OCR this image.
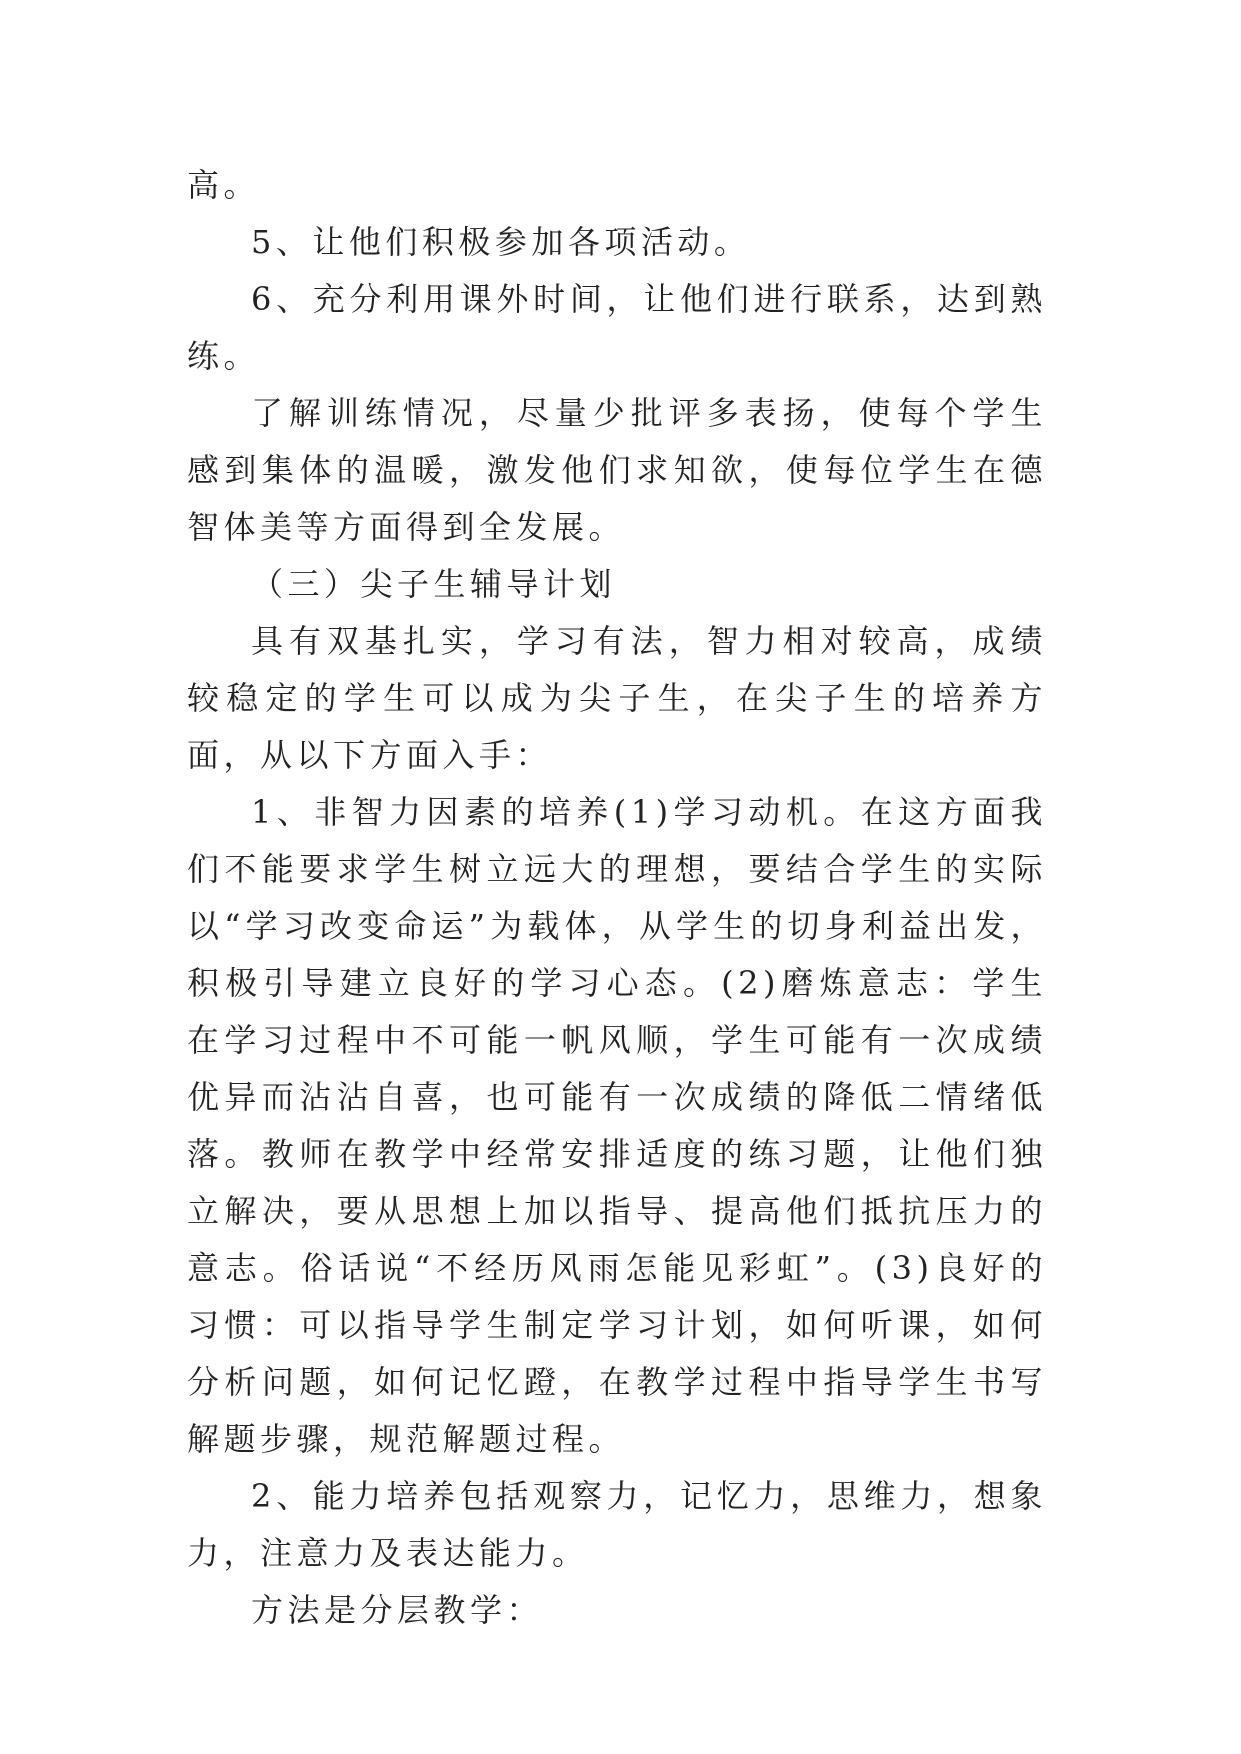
高。

5、让他们积极参加各项活动。

6、充分利用课外时间，让他们进行联系，达到熟练。

了解训练情况，尽量少批评多表扬，使每个学生感到集体的温暖，激发他们求知欲，使每位学生在德智体美等方面得到全发展。

（三）尖子生辅导计划

具有双基扎实，学习有法，智力相对较高，成绩较稳定的学生可以成为尖子生，在尖子生的培养方面，从以下方面入手：

1、非智力因素的培养(1)学习动机。在这方面我们不能要求学生树立远大的理想，要结合学生的实际以“学习改变命运”为载体，从学生的切身利益出发，积极引导建立良好的学习心态。(2)磨炼意志：学生在学习过程中不可能一帆风顺，学生可能有一次成绩优异而沾沾自喜，也可能有一次成绩的降低二情绪低落。教师在教学中经常安排适度的练习题，让他们独立解决，要从思想上加以指导、提高他们抵抗压力的意志。俗话说“不经历风雨怎能见彩虹”。(3)良好的习惯：可以指导学生制定学习计划，如何听课，如何分析问题，如何记忆蹬，在教学过程中指导学生书写解题步骤，规范解题过程。

2、能力培养包括观察力，记忆力，思维力，想象力，注意力及表达能力。

方法是分层教学：
